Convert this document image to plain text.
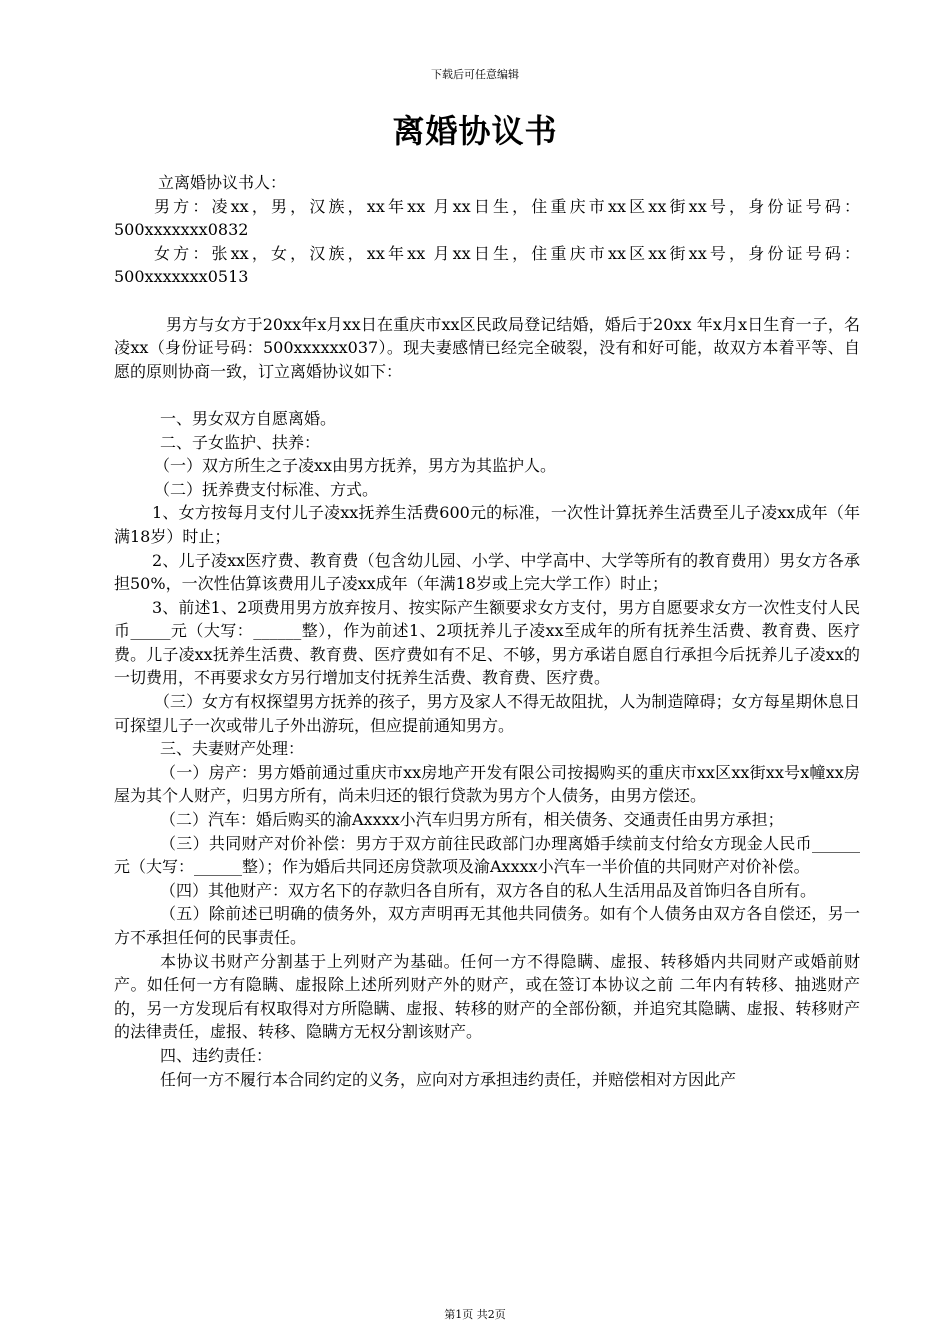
下载后可任意编辑
离婚协议书

立离婚协议书人：

男方：凌xx，男，汉族，xx年xx 月xx日生，住重庆市xx区xx街xx号，身份证号码：500xxxxxxx0832

女方：张xx，女，汉族，xx年xx 月xx日生，住重庆市xx区xx街xx号，身份证号码：500xxxxxxx0513

男方与女方于20xx年x月xx日在重庆市xx区民政局登记结婚，婚后于20xx 年x月x日生育一子，名凌xx（身份证号码：500xxxxxx037）。现夫妻感情已经完全破裂，没有和好可能，故双方本着平等、自愿的原则协商一致，订立离婚协议如下：

一、男女双方自愿离婚。

二、子女监护、扶养：

（一）双方所生之子凌xx由男方抚养，男方为其监护人。

（二）抚养费支付标准、方式。

1、女方按每月支付儿子凌xx抚养生活费600元的标准，一次性计算抚养生活费至儿子凌xx成年（年满18岁）时止；

2、儿子凌xx医疗费、教育费（包含幼儿园、小学、中学高中、大学等所有的教育费用）男女方各承担50%，一次性估算该费用儿子凌xx成年（年满18岁或上完大学工作）时止；

3、前述1、2项费用男方放弃按月、按实际产生额要求女方支付，男方自愿要求女方一次性支付人民币_____元（大写：______整），作为前述1、2项抚养儿子凌xx至成年的所有抚养生活费、教育费、医疗费。儿子凌xx抚养生活费、教育费、医疗费如有不足、不够，男方承诺自愿自行承担今后抚养儿子凌xx的一切费用，不再要求女方另行增加支付抚养生活费、教育费、医疗费。

（三）女方有权探望男方抚养的孩子，男方及家人不得无故阻扰，人为制造障碍；女方每星期休息日可探望儿子一次或带儿子外出游玩，但应提前通知男方。

三、夫妻财产处理：

（一）房产：男方婚前通过重庆市xx房地产开发有限公司按揭购买的重庆市xx区xx街xx号x幢xx房屋为其个人财产，归男方所有，尚未归还的银行贷款为男方个人债务，由男方偿还。

（二）汽车：婚后购买的渝Axxxx小汽车归男方所有，相关债务、交通责任由男方承担；

（三）共同财产对价补偿：男方于双方前往民政部门办理离婚手续前支付给女方现金人民币______元（大写：______整）；作为婚后共同还房贷款项及渝Axxxx小汽车一半价值的共同财产对价补偿。

（四）其他财产：双方名下的存款归各自所有，双方各自的私人生活用品及首饰归各自所有。

（五）除前述已明确的债务外，双方声明再无其他共同债务。如有个人债务由双方各自偿还，另一方不承担任何的民事责任。

本协议书财产分割基于上列财产为基础。任何一方不得隐瞒、虚报、转移婚内共同财产或婚前财产。如任何一方有隐瞒、虚报除上述所列财产外的财产，或在签订本协议之前 二年内有转移、抽逃财产的，另一方发现后有权取得对方所隐瞒、虚报、转移的财产的全部份额，并追究其隐瞒、虚报、转移财产的法律责任，虚报、转移、隐瞒方无权分割该财产。

四、违约责任：

任何一方不履行本合同约定的义务，应向对方承担违约责任，并赔偿相对方因此产

第1页 共2页
